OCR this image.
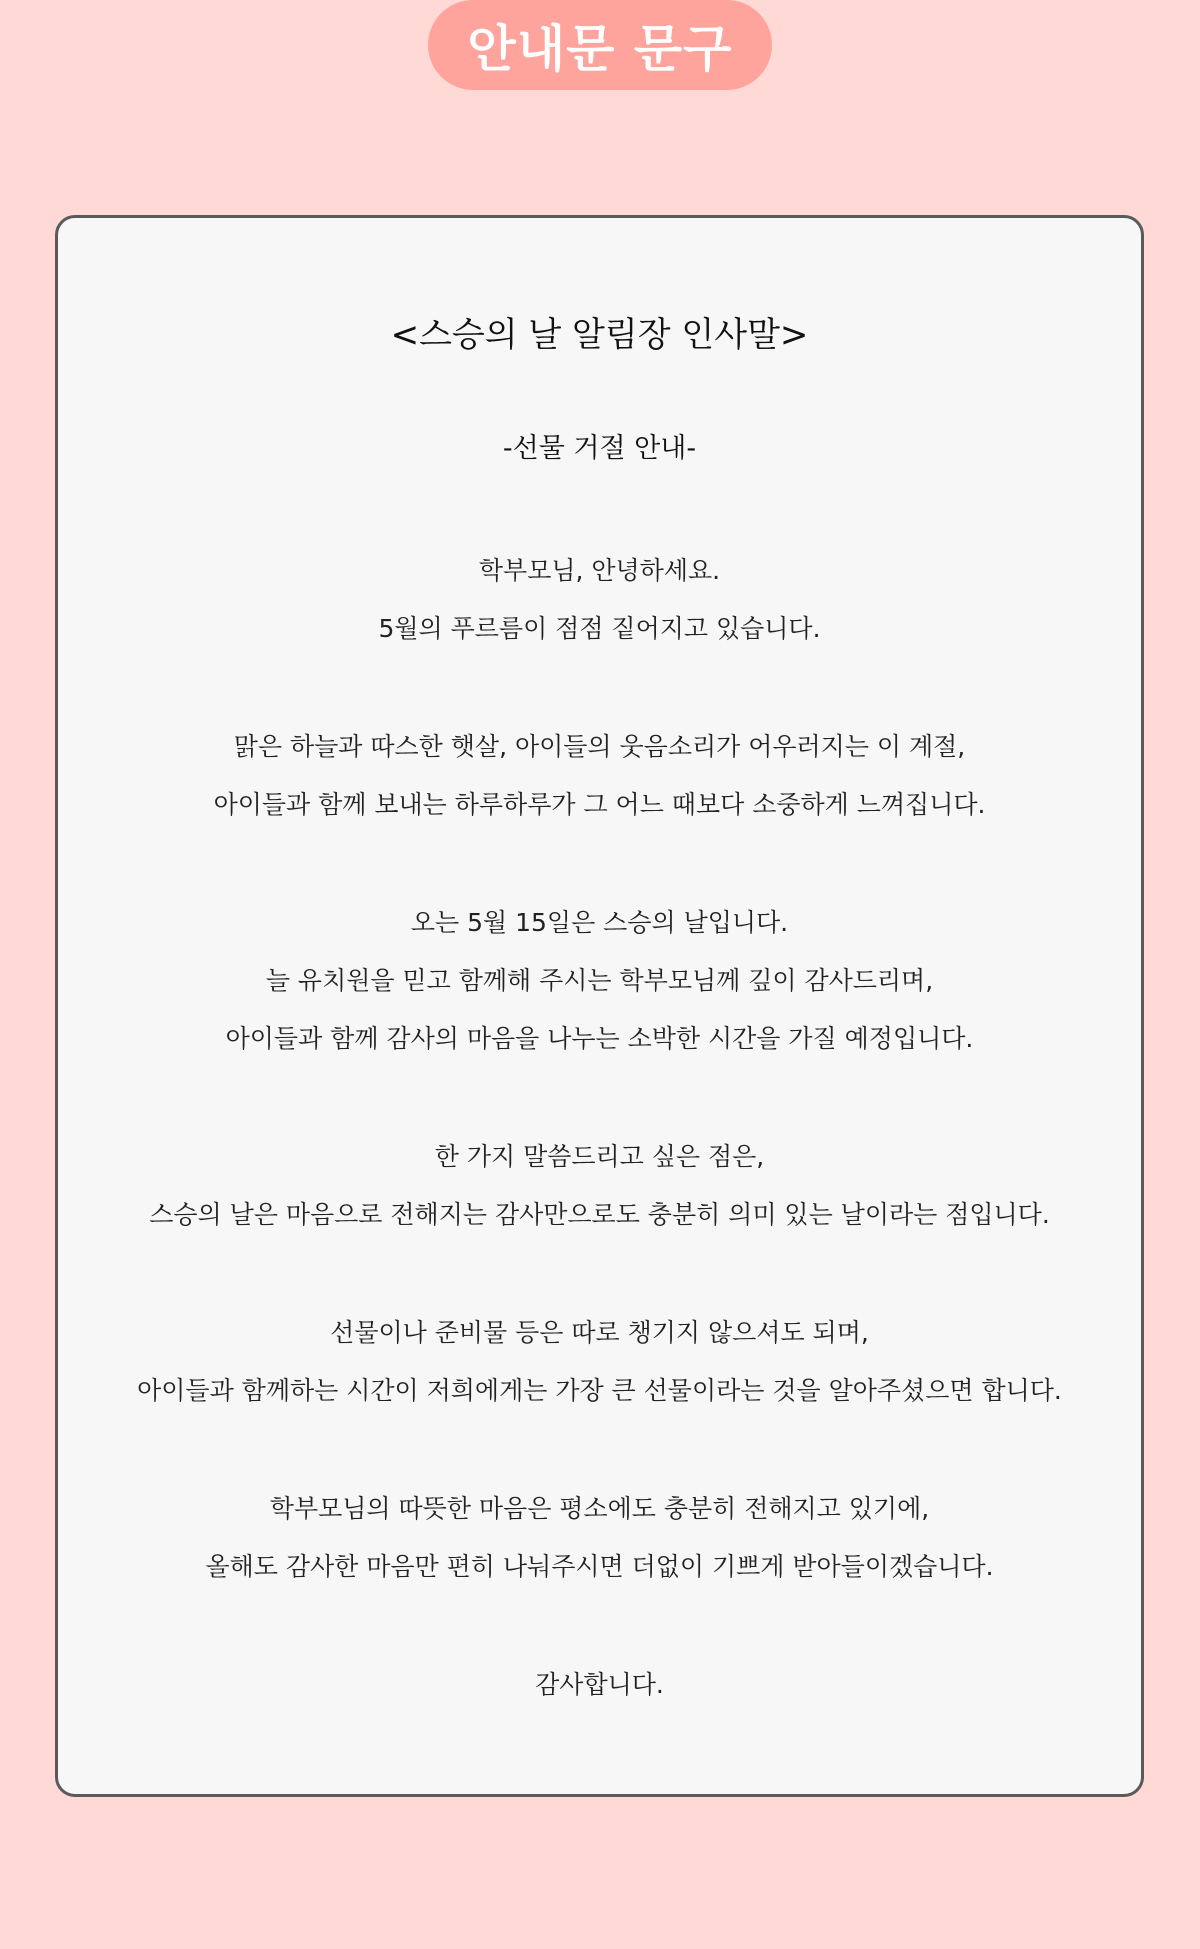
안내문 문구
<스승의 날 알림장 인사말>
-선물 거절 안내-
학부모님, 안녕하세요.
5월의 푸르름이 점점 짙어지고 있습니다.
맑은 하늘과 따스한 햇살, 아이들의 웃음소리가 어우러지는 이 계절,
아이들과 함께 보내는 하루하루가 그 어느 때보다 소중하게 느껴집니다.
오는 5월 15일은 스승의 날입니다.
늘 유치원을 믿고 함께해 주시는 학부모님께 깊이 감사드리며,
아이들과 함께 감사의 마음을 나누는 소박한 시간을 가질 예정입니다.
한 가지 말씀드리고 싶은 점은,
스승의 날은 마음으로 전해지는 감사만으로도 충분히 의미 있는 날이라는 점입니다.
선물이나 준비물 등은 따로 챙기지 않으셔도 되며,
아이들과 함께하는 시간이 저희에게는 가장 큰 선물이라는 것을 알아주셨으면 합니다.
학부모님의 따뜻한 마음은 평소에도 충분히 전해지고 있기에,
올해도 감사한 마음만 편히 나눠주시면 더없이 기쁘게 받아들이겠습니다.
감사합니다.
